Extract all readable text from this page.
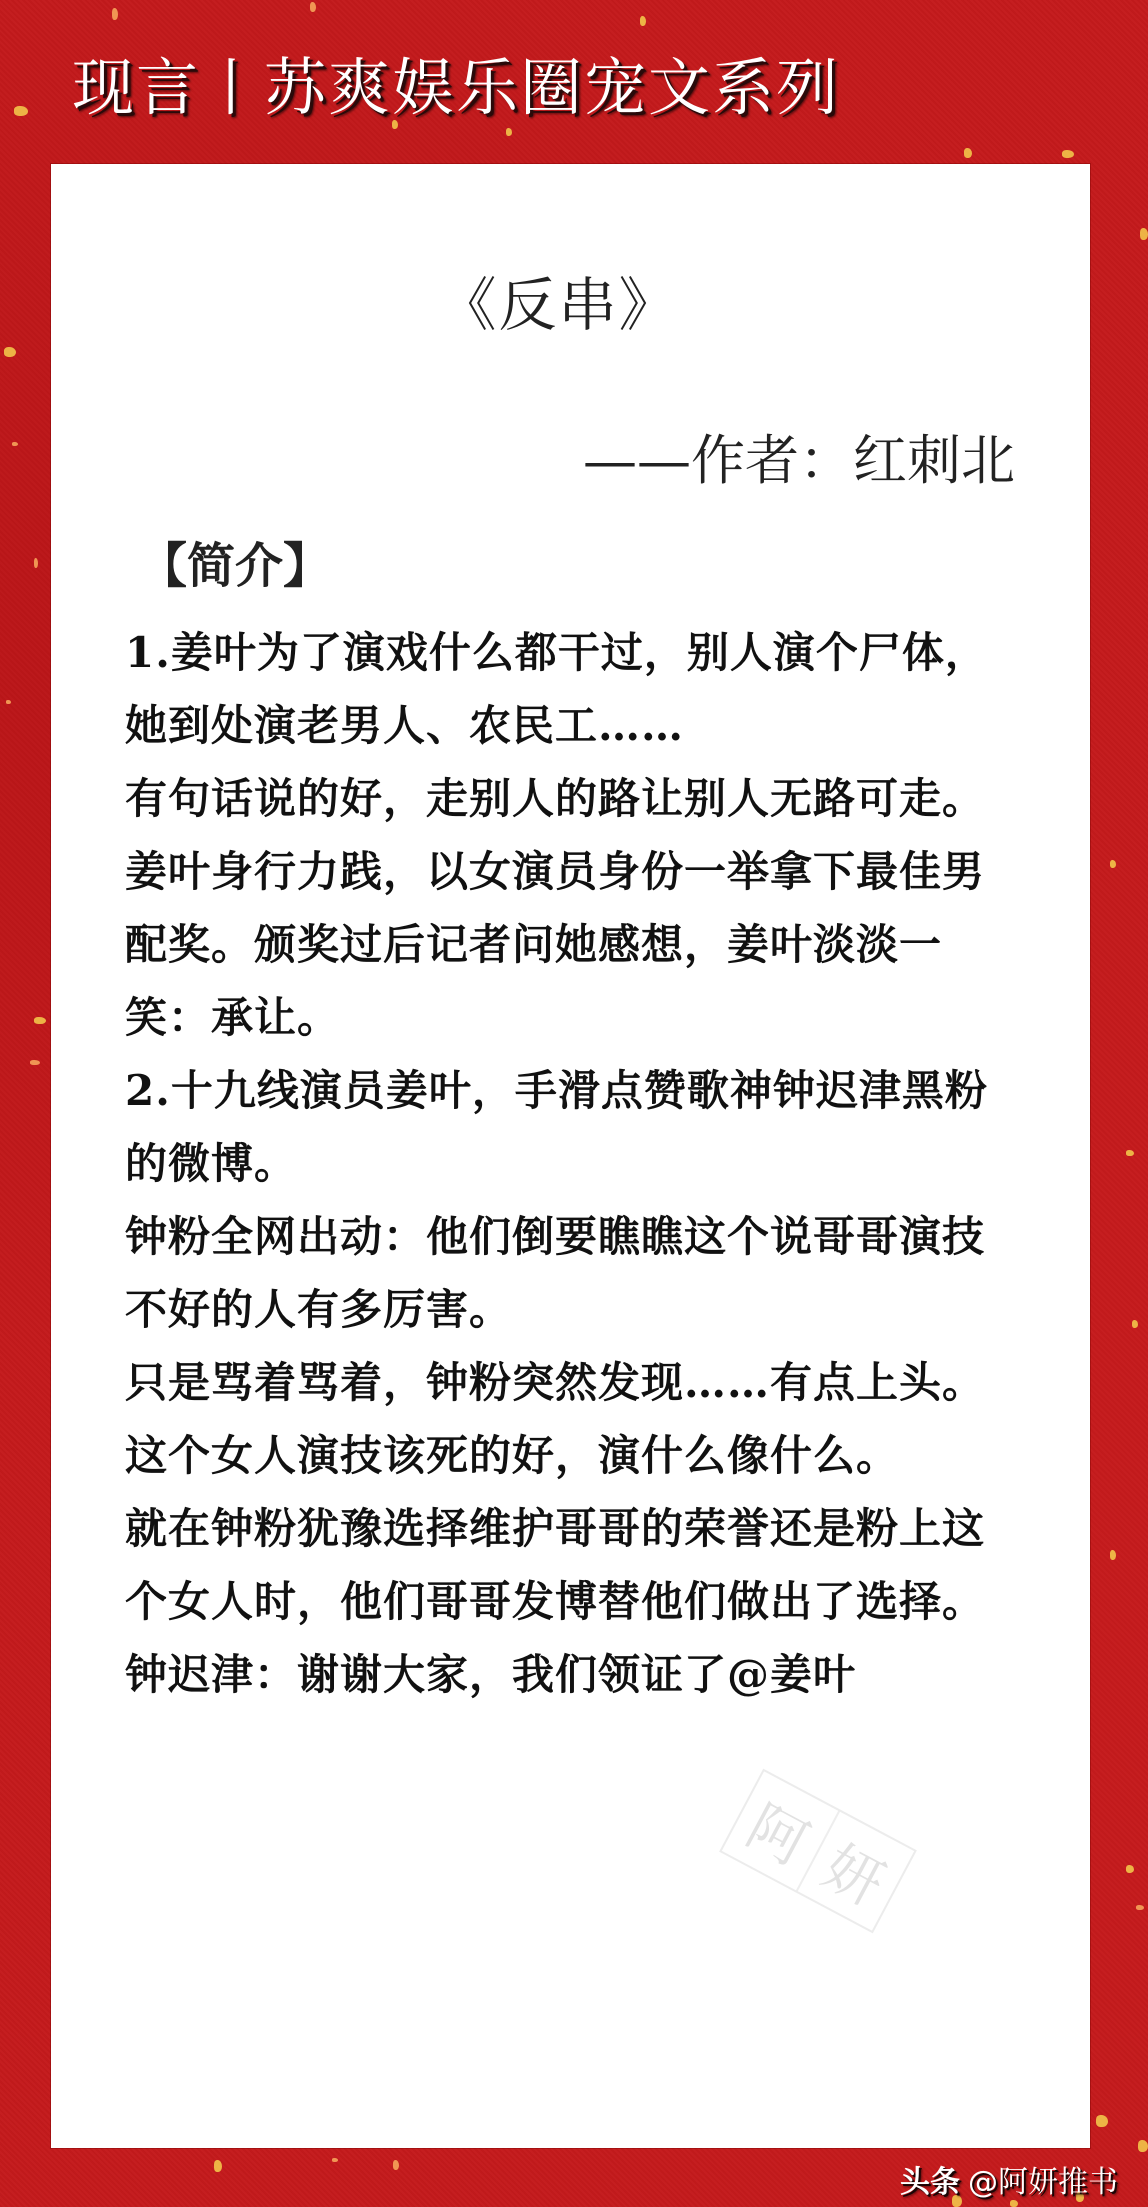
现言丨苏爽娱乐圈宠文系列
《反串》
——作者：红刺北
【简介】

1.姜叶为了演戏什么都干过，别人演个尸体，她到处演老男人、农民工……

有句话说的好，走别人的路让别人无路可走。姜叶身行力践，以女演员身份一举拿下最佳男配奖。颁奖过后记者问她感想，姜叶淡淡一笑：承让。

2.十九线演员姜叶，手滑点赞歌神钟迟津黑粉的微博。

钟粉全网出动：他们倒要瞧瞧这个说哥哥演技不好的人有多厉害。

只是骂着骂着，钟粉突然发现……有点上头。

这个女人演技该死的好，演什么像什么。

就在钟粉犹豫选择维护哥哥的荣誉还是粉上这个女人时，他们哥哥发博替他们做出了选择。

钟迟津：谢谢大家，我们领证了@姜叶

阿
妍
头条 @阿妍推书
